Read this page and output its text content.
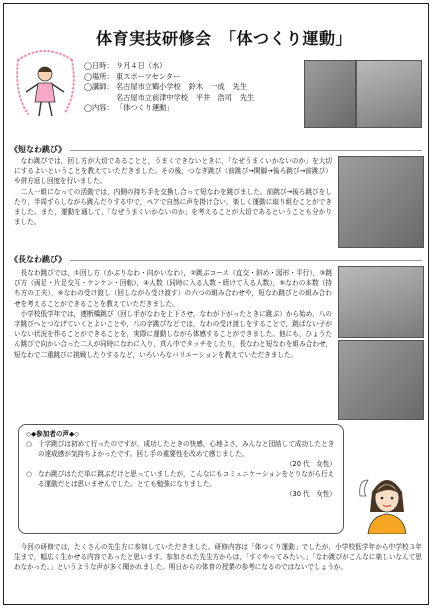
体育実技研修会　「体つくり運動」
◯日時： ９月４日（水）
◯場所： 東スポーツセンター
◯講師： 名古屋市立鶴小学校 鈴木　一成 先生
名古屋市立前津中学校 平井　浩司 先生
◯内容： 「体つくり運動」
《短なわ跳び》

なわ跳びでは，回し方が大切であることと，うまくできないときに，「なぜうまくいかないのか」を大切にするよいということを教えていただきました。その後，つなぎ跳び（前跳び→開脚→後ろ跳び→前跳び）や併方返し回度を行いました。

二人一組になっての活動では，内側の持ち手を交換し合って短なわを跳びました。前跳び→後ろ跳びをしたり，半周ずらしながら跳んだりする中で，ペアで自然に声を掛け合い，楽しく運動に取り組むことができました。また，運動を通して，「なぜうまくいかないのか」を考えることが大切であるということも分かりました。

《長なわ跳び》

長なわ跳びでは，①回し方（かぶりなわ・向かいなわ），②跳ぶコース（直交・斜め・図形・平行），③跳び方（両足・片足交互・ケンケン・回転），④人数（同時に入る人数・続けて入る人数），⑤なわの本数（持ち方の工夫），⑥なわの受け渡し（回しながら受け渡す）の六つの組み合わせや，短なわ跳びとの組み合わせを考えることができることを教えていただきました。

小学校低学年では，連断橋跳び（回し手がなわを上下させ，なわが下がったときに跳ぶ）から始め，八の字跳びへとつなげていくとよいことや，八の字跳びなどでは，なわの受け渡しをすることで，跳ばない子がいない状況を作ることができることを，実際に運動しながら体感することができました。他にも，ひょうたん跳びで向かい合った二人が同時になわに入り，真ん中でタッチをしたり，長なわと短なわを組み合わせ，短なわで二重跳びに挑戦したりするなど，いろいろなバリエーションを教えていただきました。

◇◆参加者の声◆◇
○ 十字跳びは初めて行ったのですが，成功したときの快感，心地よさ，みんなと団結して成功したときの達成感が気持ちよかったです。回し手の重要性を改めて感じました。
（20 代　女性）
○ なわ跳びはただ単に跳ぶだけと思っていましたが，こんなにもコミュニケーションをとりながら行える運動だとは思いませんでした。とても勉強になりました。
（30 代　女性）

今回の研修では，たくさんの先生方に参加していただきました。研修内容は「体つくり運動」でしたが，小学校低学年から中学校３年生まで，幅広く生かせる内容であったと思います。参加された先生方からは，「すぐやってみたい。」「なわ跳びがこんなに楽しいなんて思わなかった。」というような声が多く聞かれました。明日からの体育の授業の参考になるのではないでしょうか。
